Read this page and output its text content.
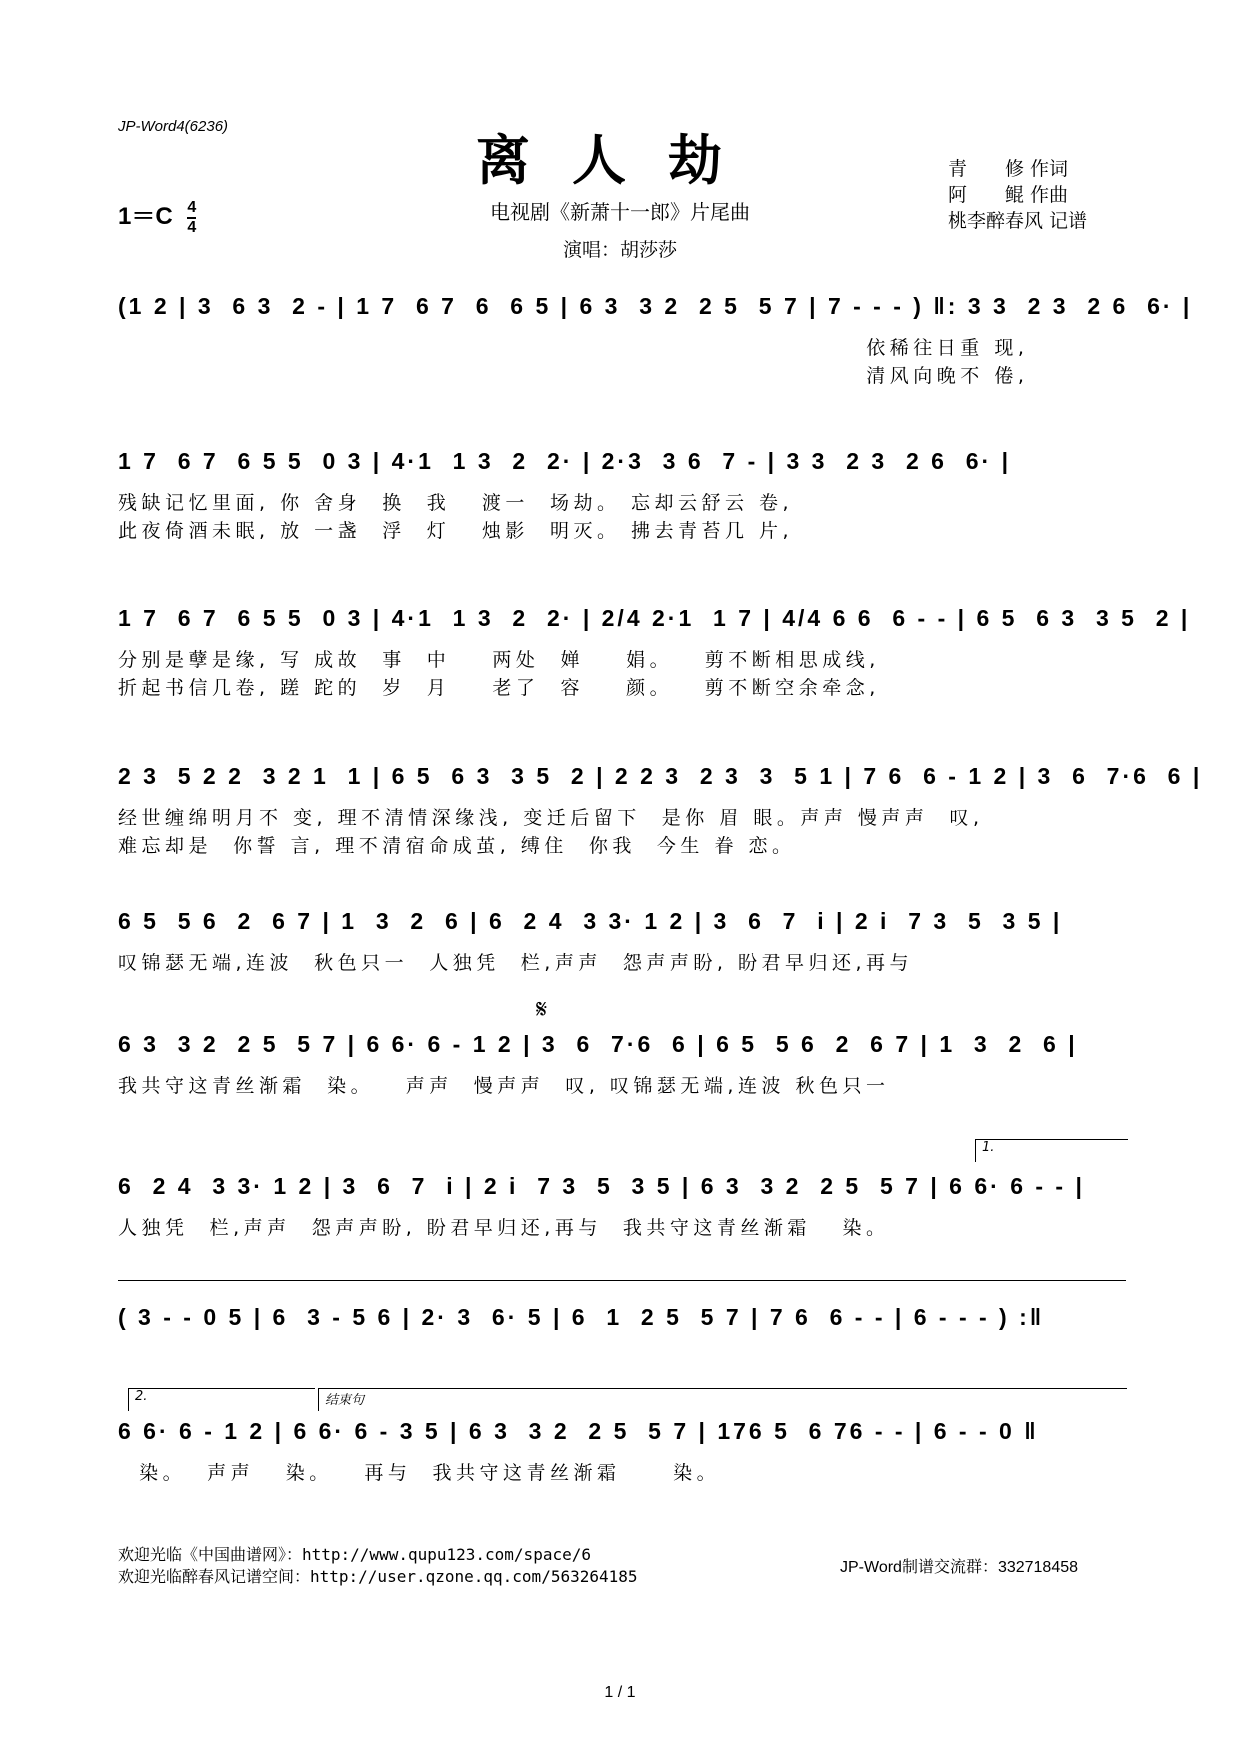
JP-Word4(6236)
离人劫
电视剧《新萧十一郎》片尾曲
演唱：胡莎莎
青　　修 作词
阿　　鲲 作曲
桃李醉春风 记谱
$1=C \frac{4}{4}$
(1 2 | 3  6 3  2 - | 1 7  6 7  6  6 5 | 6 3  3 2  2 5  5 7 | 7 - - - ) ‖: 3 3  2 3  2 6  6· |
依稀往日重 现,
清风向晚不 倦,
1 7  6 7  6 5 5  0 3 | 4·1  1 3  2  2· | 2·3  3 6  7 - | 3 3  2 3  2 6  6· |
残缺记忆里面, 你 舍身  换  我   渡一  场劫。 忘却云舒云 卷,
此夜倚酒未眠, 放 一盏  浮  灯   烛影  明灭。 拂去青苔几 片,
1 7  6 7  6 5 5  0 3 | 4·1  1 3  2  2· | 2/4 2·1  1 7 | 4/4 6 6  6 - - | 6 5  6 3  3 5  2 |
分别是孽是缘, 写 成故  事  中    两处  婵    娟。   剪不断相思成线,
折起书信几卷, 蹉 跎的  岁  月    老了  容    颜。   剪不断空余牵念,
2 3  5 2 2  3 2 1  1 | 6 5  6 3  3 5  2 | 2 2 3  2 3  3  5 1 | 7 6  6 - 1 2 | 3  6  7·6  6 |
经世缠绵明月不 变, 理不清情深缘浅, 变迁后留下  是你 眉 眼。声声 慢声声  叹,
难忘却是  你誓 言, 理不清宿命成茧, 缚住  你我  今生 眷 恋。
6 5  5 6  2  6 7 | 1  3  2  6 | 6  2 4  3 3· 1 2 | 3  6  7  i | 2 i  7 3  5  3 5 |
叹锦瑟无端,连波  秋色只一  人独凭  栏,声声  怨声声盼, 盼君早归还,再与
𝄋
6 3  3 2  2 5  5 7 | 6 6· 6 - 1 2 | 3  6  7·6  6 | 6 5  5 6  2  6 7 | 1  3  2  6 |
我共守这青丝渐霜  染。   声声  慢声声  叹, 叹锦瑟无端,连波 秋色只一
1.
6  2 4  3 3· 1 2 | 3  6  7  i | 2 i  7 3  5  3 5 | 6 3  3 2  2 5  5 7 | 6 6· 6 - - |
人独凭  栏,声声  怨声声盼, 盼君早归还,再与  我共守这青丝渐霜   染。
( 3 - - 0 5 | 6  3 - 5 6 | 2· 3  6· 5 | 6  1  2 5  5 7 | 7 6  6 - - | 6 - - - ) :‖
2.	结束句
6 6· 6 - 1 2 | 6 6· 6 - 3 5 | 6 3  3 2  2 5  5 7 | 176 5  6 76 - - | 6 - - 0 ‖
染。  声声   染。   再与  我共守这青丝渐霜     染。
欢迎光临《中国曲谱网》：http://www.qupu123.com/space/6
欢迎光临醉春风记谱空间：http://user.qzone.qq.com/563264185	JP-Word制谱交流群：332718458
1 / 1
